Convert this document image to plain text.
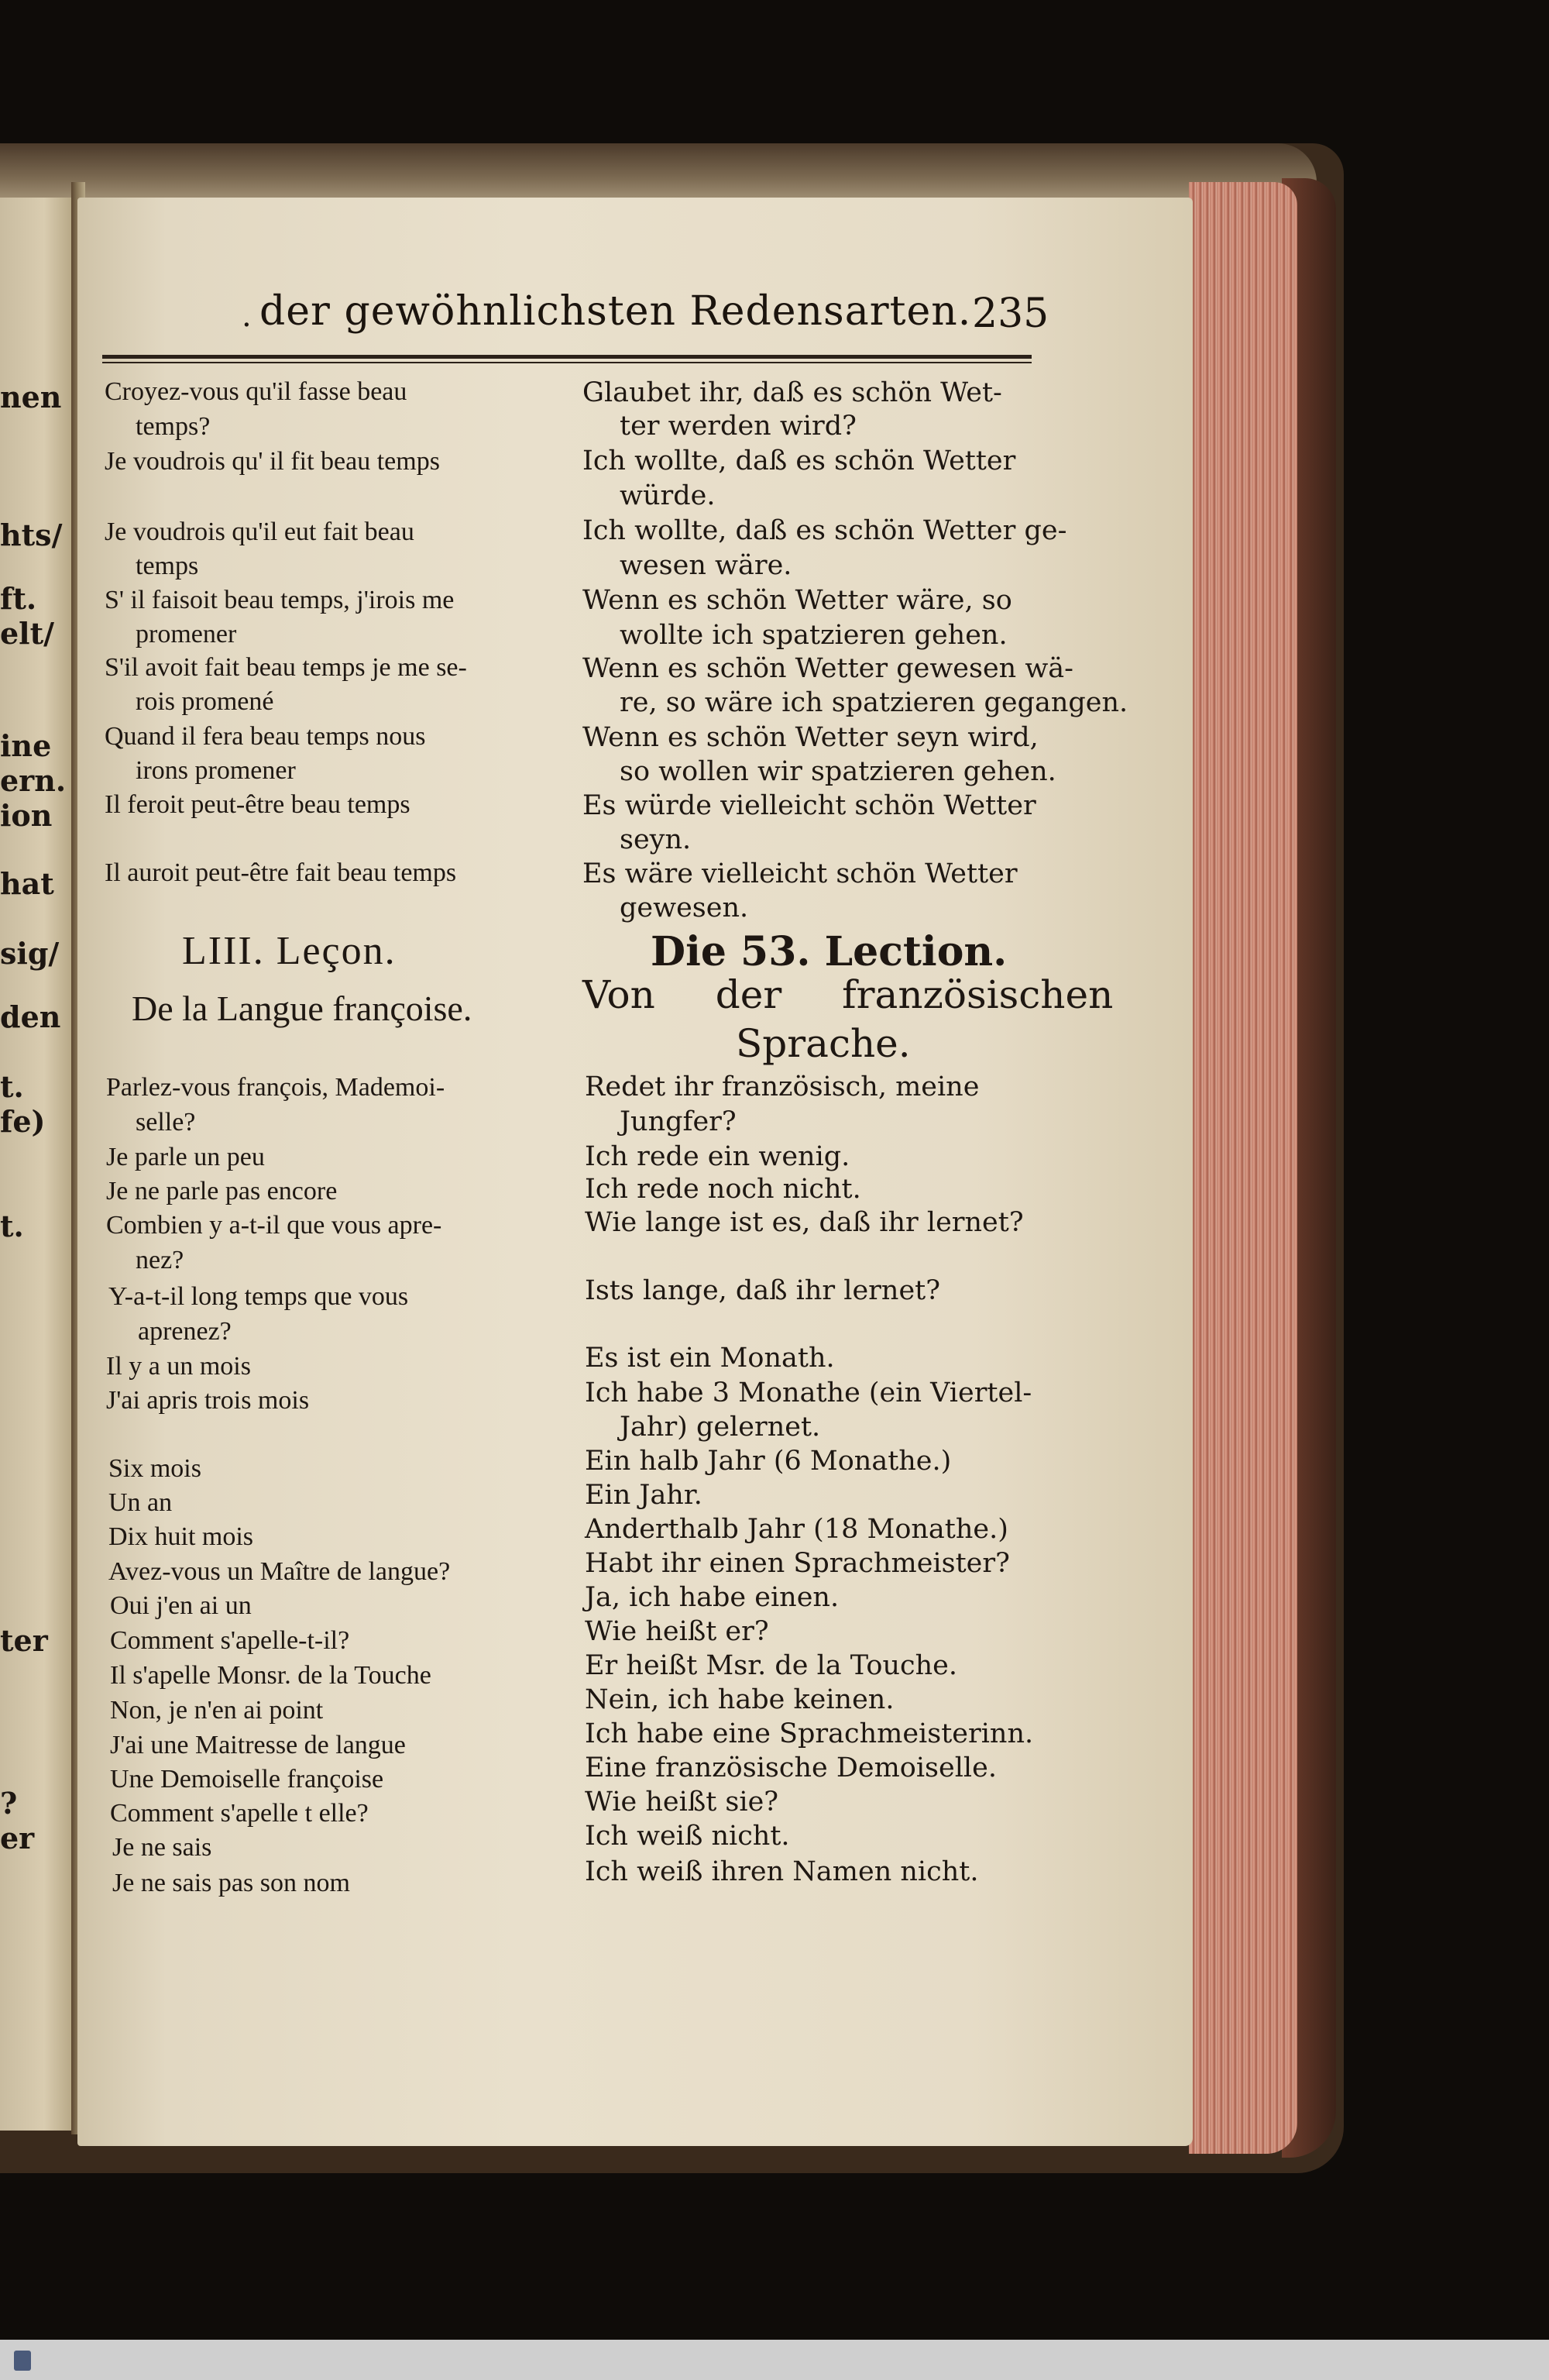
nen
hts/
ft.
elt/
ine
ern.
ion
hat
sig/
den
t.
fe)
t.
ter
?
er
. der gewöhnlichsten Redensarten. 235
Croyez-vous qu'il fasse beau
temps?
Je voudrois qu' il fit beau temps
Je voudrois qu'il eut fait beau
temps
S' il faisoit beau temps, j'irois me
promener
S'il avoit fait beau temps je me se-
rois promené
Quand il fera beau temps nous
irons promener
Il feroit peut-être beau temps
Il auroit peut-être fait beau temps
Glaubet ihr, daß es schön Wet-
ter werden wird?
Ich wollte, daß es schön Wetter
würde.
Ich wollte, daß es schön Wetter ge-
wesen wäre.
Wenn es schön Wetter wäre, so
wollte ich spatzieren gehen.
Wenn es schön Wetter gewesen wä-
re, so wäre ich spatzieren gegangen.
Wenn es schön Wetter seyn wird,
so wollen wir spatzieren gehen.
Es würde vielleicht schön Wetter
seyn.
Es wäre vielleicht schön Wetter
gewesen.
LIII. Leçon.
De la Langue françoise.
Die 53. Lection.
Von der französischen
Sprache.
Parlez-vous françois, Mademoi-
selle?
Je parle un peu
Je ne parle pas encore
Combien y a-t-il que vous apre-
nez?
Y-a-t-il long temps que vous
aprenez?
Il y a un mois
J'ai apris trois mois
Six mois
Un an
Dix huit mois
Avez-vous un Maître de langue?
Oui j'en ai un
Comment s'apelle-t-il?
Il s'apelle Monsr. de la Touche
Non, je n'en ai point
J'ai une Maitresse de langue
Une Demoiselle françoise
Comment s'apelle t elle?
Je ne sais
Je ne sais pas son nom
Redet ihr französisch, meine
Jungfer?
Ich rede ein wenig.
Ich rede noch nicht.
Wie lange ist es, daß ihr lernet?
Ists lange, daß ihr lernet?
Es ist ein Monath.
Ich habe 3 Monathe (ein Viertel-
Jahr) gelernet.
Ein halb Jahr (6 Monathe.)
Ein Jahr.
Anderthalb Jahr (18 Monathe.)
Habt ihr einen Sprachmeister?
Ja, ich habe einen.
Wie heißt er?
Er heißt Msr. de la Touche.
Nein, ich habe keinen.
Ich habe eine Sprachmeisterinn.
Eine französische Demoiselle.
Wie heißt sie?
Ich weiß nicht.
Ich weiß ihren Namen nicht.
